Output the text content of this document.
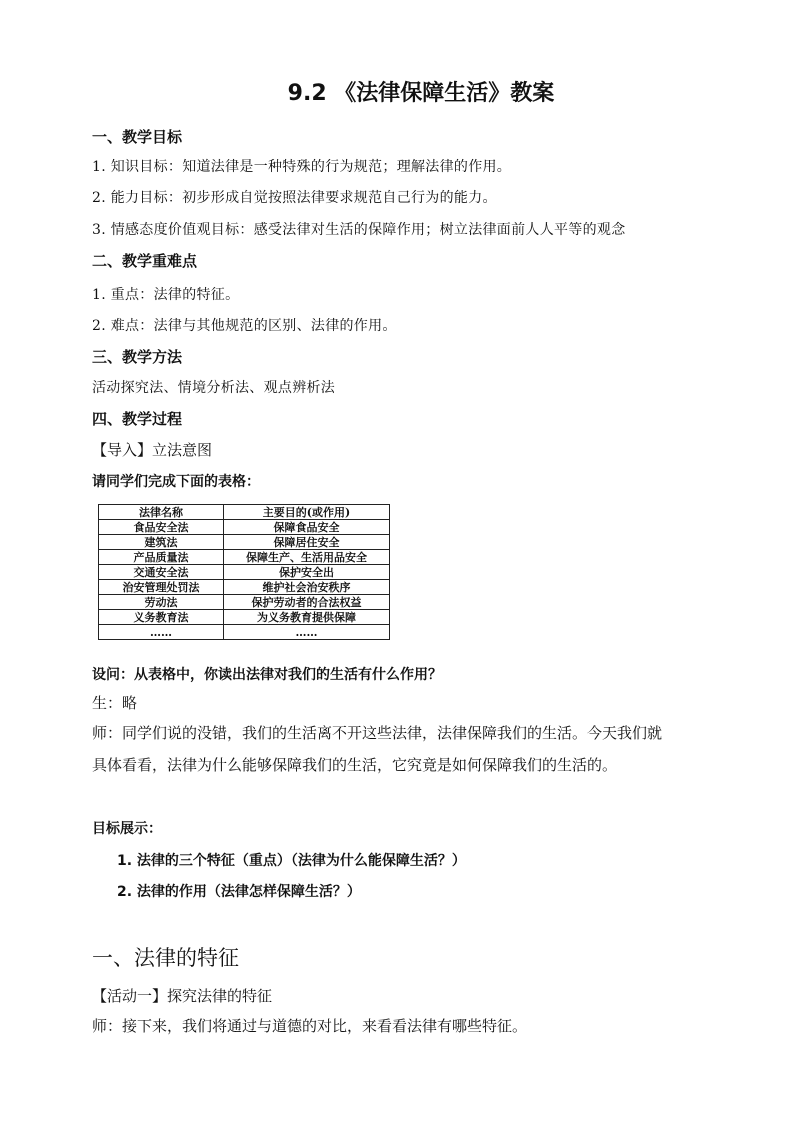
9.2 《法律保障生活》教案
一、教学目标
1. 知识目标：知道法律是一种特殊的行为规范；理解法律的作用。
2. 能力目标：初步形成自觉按照法律要求规范自己行为的能力。
3. 情感态度价值观目标：感受法律对生活的保障作用；树立法律面前人人平等的观念
二、教学重难点
1. 重点：法律的特征。
2. 难点：法律与其他规范的区别、法律的作用。
三、教学方法
活动探究法、情境分析法、观点辨析法
四、教学过程
【导入】立法意图
请同学们完成下面的表格：
法律名称	主要目的(或作用)
食品安全法	保障食品安全
建筑法	保障居住安全
产品质量法	保障生产、生活用品安全
交通安全法	保护安全出
治安管理处罚法	维护社会治安秩序
劳动法	保护劳动者的合法权益
义务教育法	为义务教育提供保障
……	……
设问：从表格中，你读出法律对我们的生活有什么作用？
生：略
师：同学们说的没错，我们的生活离不开这些法律，法律保障我们的生活。今天我们就
具体看看，法律为什么能够保障我们的生活，它究竟是如何保障我们的生活的。
目标展示：
1. 法律的三个特征（重点）（法律为什么能保障生活？）
2. 法律的作用（法律怎样保障生活？）
一、法律的特征
【活动一】探究法律的特征
师：接下来，我们将通过与道德的对比，来看看法律有哪些特征。
